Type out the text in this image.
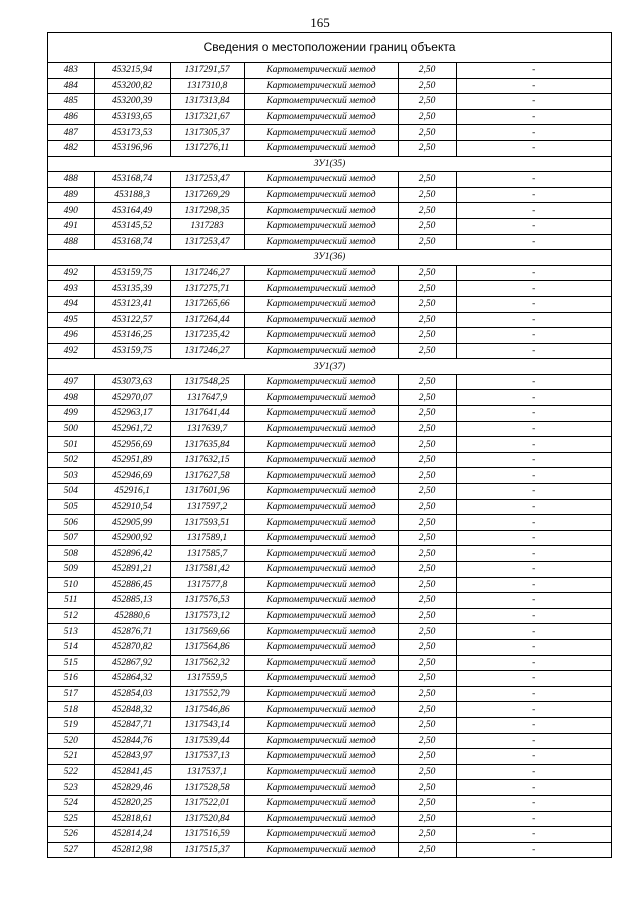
165
Сведения о местоположении границ объекта
483	453215,94	1317291,57	Картометрический метод	2,50	-
484	453200,82	1317310,8	Картометрический метод	2,50	-
485	453200,39	1317313,84	Картометрический метод	2,50	-
486	453193,65	1317321,67	Картометрический метод	2,50	-
487	453173,53	1317305,37	Картометрический метод	2,50	-
482	453196,96	1317276,11	Картометрический метод	2,50	-
ЗУ1(35)					
488	453168,74	1317253,47	Картометрический метод	2,50	-
489	453188,3	1317269,29	Картометрический метод	2,50	-
490	453164,49	1317298,35	Картометрический метод	2,50	-
491	453145,52	1317283	Картометрический метод	2,50	-
488	453168,74	1317253,47	Картометрический метод	2,50	-
ЗУ1(36)					
492	453159,75	1317246,27	Картометрический метод	2,50	-
493	453135,39	1317275,71	Картометрический метод	2,50	-
494	453123,41	1317265,66	Картометрический метод	2,50	-
495	453122,57	1317264,44	Картометрический метод	2,50	-
496	453146,25	1317235,42	Картометрический метод	2,50	-
492	453159,75	1317246,27	Картометрический метод	2,50	-
ЗУ1(37)					
497	453073,63	1317548,25	Картометрический метод	2,50	-
498	452970,07	1317647,9	Картометрический метод	2,50	-
499	452963,17	1317641,44	Картометрический метод	2,50	-
500	452961,72	1317639,7	Картометрический метод	2,50	-
501	452956,69	1317635,84	Картометрический метод	2,50	-
502	452951,89	1317632,15	Картометрический метод	2,50	-
503	452946,69	1317627,58	Картометрический метод	2,50	-
504	452916,1	1317601,96	Картометрический метод	2,50	-
505	452910,54	1317597,2	Картометрический метод	2,50	-
506	452905,99	1317593,51	Картометрический метод	2,50	-
507	452900,92	1317589,1	Картометрический метод	2,50	-
508	452896,42	1317585,7	Картометрический метод	2,50	-
509	452891,21	1317581,42	Картометрический метод	2,50	-
510	452886,45	1317577,8	Картометрический метод	2,50	-
511	452885,13	1317576,53	Картометрический метод	2,50	-
512	452880,6	1317573,12	Картометрический метод	2,50	-
513	452876,71	1317569,66	Картометрический метод	2,50	-
514	452870,82	1317564,86	Картометрический метод	2,50	-
515	452867,92	1317562,32	Картометрический метод	2,50	-
516	452864,32	1317559,5	Картометрический метод	2,50	-
517	452854,03	1317552,79	Картометрический метод	2,50	-
518	452848,32	1317546,86	Картометрический метод	2,50	-
519	452847,71	1317543,14	Картометрический метод	2,50	-
520	452844,76	1317539,44	Картометрический метод	2,50	-
521	452843,97	1317537,13	Картометрический метод	2,50	-
522	452841,45	1317537,1	Картометрический метод	2,50	-
523	452829,46	1317528,58	Картометрический метод	2,50	-
524	452820,25	1317522,01	Картометрический метод	2,50	-
525	452818,61	1317520,84	Картометрический метод	2,50	-
526	452814,24	1317516,59	Картометрический метод	2,50	-
527	452812,98	1317515,37	Картометрический метод	2,50	-
